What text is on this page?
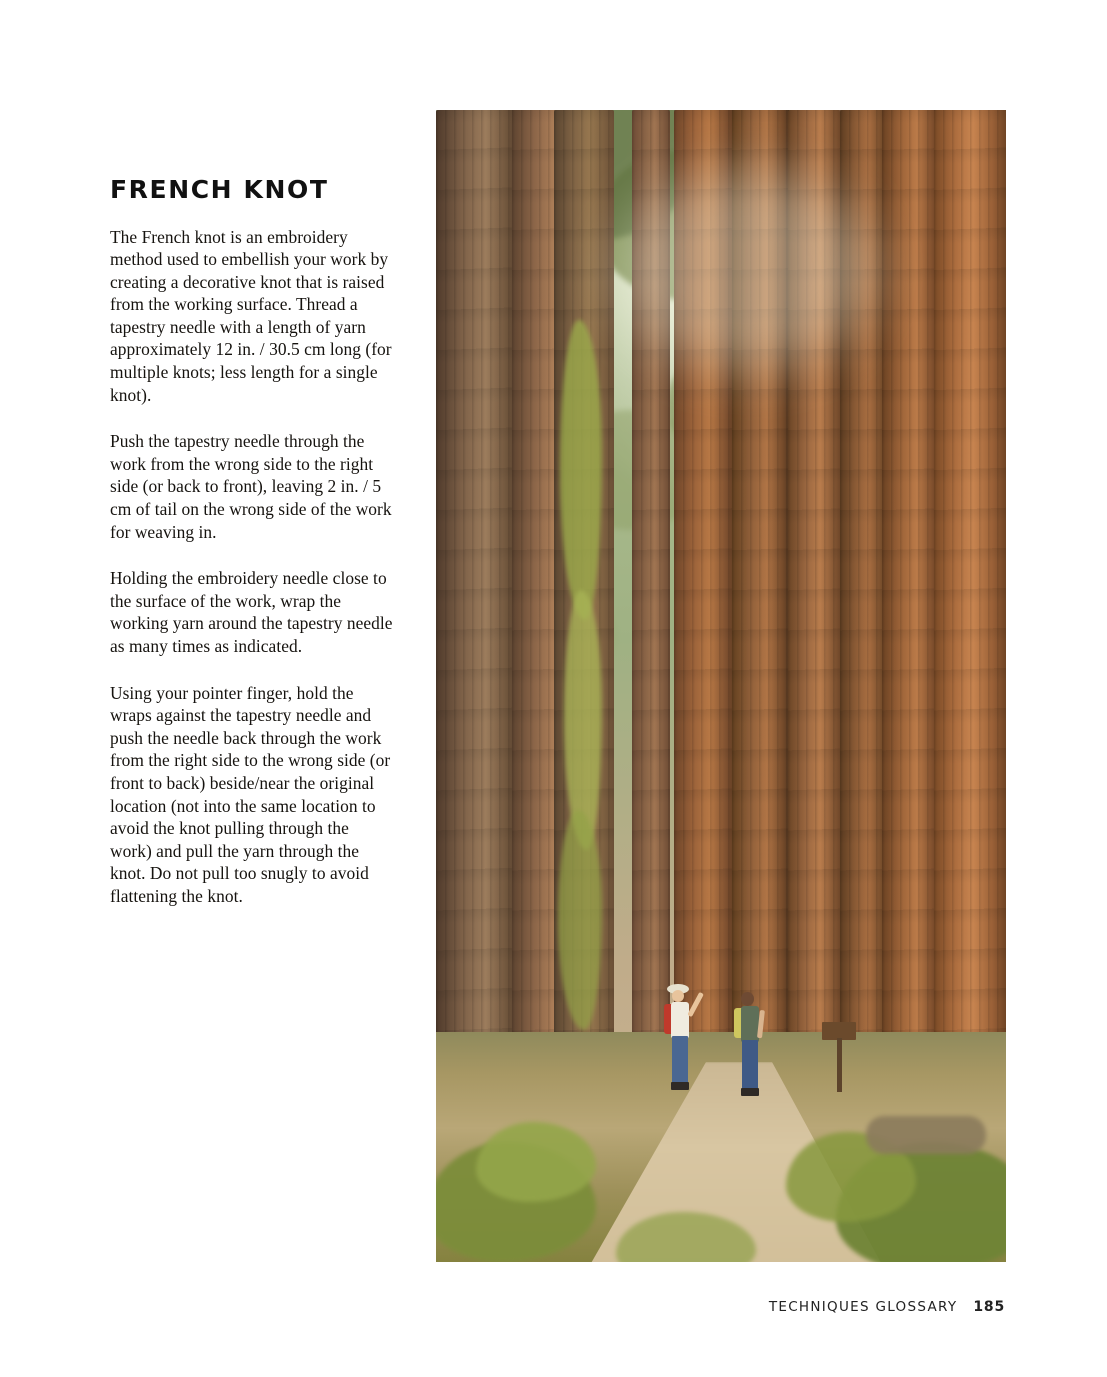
FRENCH KNOT

The French knot is an embroidery method used to embellish your work by creating a decorative knot that is raised from the working surface. Thread a tapestry needle with a length of yarn approximately 12 in. / 30.5 cm long (for multiple knots; less length for a single knot).

Push the tapestry needle through the work from the wrong side to the right side (or back to front), leaving 2 in. / 5 cm of tail on the wrong side of the work for weaving in.

Holding the embroidery needle close to the surface of the work, wrap the working yarn around the tapestry needle as many times as indicated.

Using your pointer finger, hold the wraps against the tapestry needle and push the needle back through the work from the right side to the wrong side (or front to back) beside/near the original location (not into the same location to avoid the knot pulling through the work) and pull the yarn through the knot. Do not pull too snugly to avoid flattening the knot.

TECHNIQUES GLOSSARY 185
